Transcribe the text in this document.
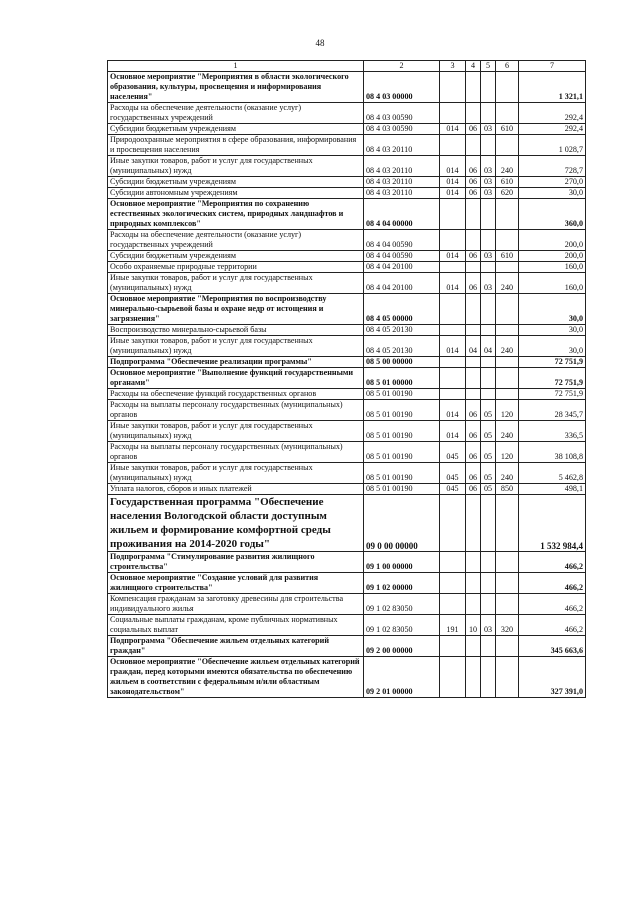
48
1	2	3	4	5	6	7
Основное мероприятие "Мероприятия в области экологического образования, культуры, просвещения и информирования населения"	08 4 03 00000					1 321,1
Расходы на обеспечение деятельности (оказание услуг) государственных учреждений	08 4 03 00590					292,4
Субсидии бюджетным учреждениям	08 4 03 00590	014	06	03	610	292,4
Природоохранные мероприятия в сфере образования, информирования и просвещения населения	08 4 03 20110					1 028,7
Иные закупки товаров, работ и услуг для государственных (муниципальных) нужд	08 4 03 20110	014	06	03	240	728,7
Субсидии бюджетным учреждениям	08 4 03 20110	014	06	03	610	270,0
Субсидии автономным учреждениям	08 4 03 20110	014	06	03	620	30,0
Основное мероприятие "Мероприятия по сохранению естественных экологических систем, природных ландшафтов и природных комплексов"	08 4 04 00000					360,0
Расходы на обеспечение деятельности (оказание услуг) государственных учреждений	08 4 04 00590					200,0
Субсидии бюджетным учреждениям	08 4 04 00590	014	06	03	610	200,0
Особо охраняемые природные территории	08 4 04 20100					160,0
Иные закупки товаров, работ и услуг для государственных (муниципальных) нужд	08 4 04 20100	014	06	03	240	160,0
Основное мероприятие "Мероприятия по воспроизводству минерально-сырьевой базы и охране недр от истощения и загрязнения"	08 4 05 00000					30,0
Воспроизводство минерально-сырьевой базы	08 4 05 20130					30,0
Иные закупки товаров, работ и услуг для государственных (муниципальных) нужд	08 4 05 20130	014	04	04	240	30,0
Подпрограмма "Обеспечение реализации программы"	08 5 00 00000					72 751,9
Основное мероприятие "Выполнение функций государственными органами"	08 5 01 00000					72 751,9
Расходы на обеспечение функций государственных органов	08 5 01 00190					72 751,9
Расходы на выплаты персоналу государственных (муниципальных) органов	08 5 01 00190	014	06	05	120	28 345,7
Иные закупки товаров, работ и услуг для государственных (муниципальных) нужд	08 5 01 00190	014	06	05	240	336,5
Расходы на выплаты персоналу государственных (муниципальных) органов	08 5 01 00190	045	06	05	120	38 108,8
Иные закупки товаров, работ и услуг для государственных (муниципальных) нужд	08 5 01 00190	045	06	05	240	5 462,8
Уплата налогов, сборов и иных платежей	08 5 01 00190	045	06	05	850	498,1
Государственная программа "Обеспечение населения Вологодской области доступным жильем и формирование комфортной среды проживания на 2014-2020 годы"	09 0 00 00000					1 532 984,4
Подпрограмма "Стимулирование развития жилищного строительства"	09 1 00 00000					466,2
Основное мероприятие "Создание условий для развития жилищного строительства"	09 1 02 00000					466,2
Компенсация гражданам за заготовку древесины для строительства индивидуального жилья	09 1 02 83050					466,2
Социальные выплаты гражданам, кроме публичных нормативных социальных выплат	09 1 02 83050	191	10	03	320	466,2
Подпрограмма "Обеспечение жильем отдельных категорий граждан"	09 2 00 00000					345 663,6
Основное мероприятие "Обеспечение жильем отдельных категорий граждан, перед которыми имеются обязательства по обеспечению жильем в соответствии с федеральным и/или областным законодательством"	09 2 01 00000					327 391,0
